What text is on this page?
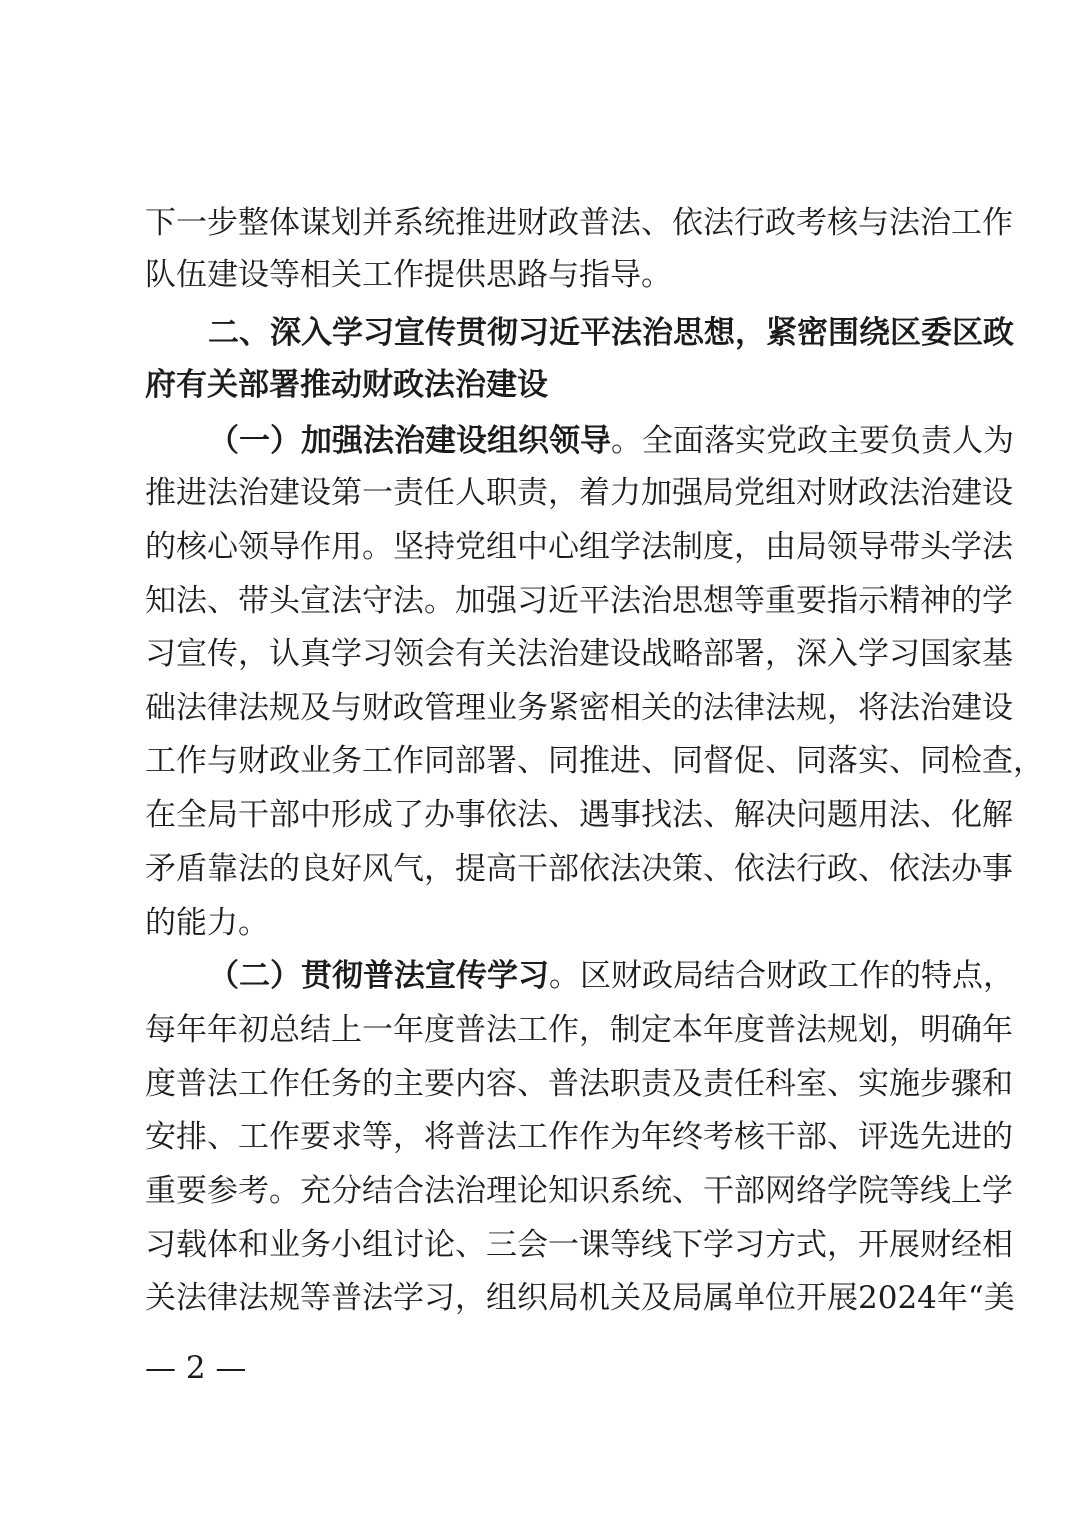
下一步整体谋划并系统推进财政普法、依法行政考核与法治工作
队伍建设等相关工作提供思路与指导。
二、深入学习宣传贯彻习近平法治思想，紧密围绕区委区政
府有关部署推动财政法治建设
（一）加强法治建设组织领导。全面落实党政主要负责人为
推进法治建设第一责任人职责，着力加强局党组对财政法治建设
的核心领导作用。坚持党组中心组学法制度，由局领导带头学法
知法、带头宣法守法。加强习近平法治思想等重要指示精神的学
习宣传，认真学习领会有关法治建设战略部署，深入学习国家基
础法律法规及与财政管理业务紧密相关的法律法规，将法治建设
工作与财政业务工作同部署、同推进、同督促、同落实、同检查，
在全局干部中形成了办事依法、遇事找法、解决问题用法、化解
矛盾靠法的良好风气，提高干部依法决策、依法行政、依法办事
的能力。
（二）贯彻普法宣传学习。区财政局结合财政工作的特点，
每年年初总结上一年度普法工作，制定本年度普法规划，明确年
度普法工作任务的主要内容、普法职责及责任科室、实施步骤和
安排、工作要求等，将普法工作作为年终考核干部、评选先进的
重要参考。充分结合法治理论知识系统、干部网络学院等线上学
习载体和业务小组讨论、三会一课等线下学习方式，开展财经相
关法律法规等普法学习，组织局机关及局属单位开展2024年“美
— 2 —
